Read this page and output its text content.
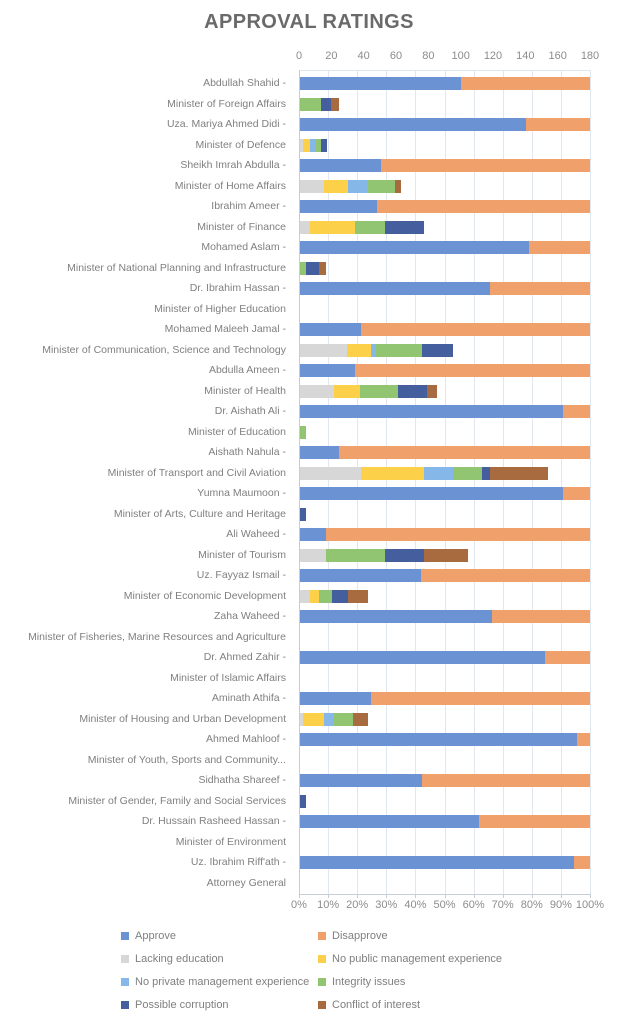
APPROVAL RATINGS
0	20	40	60	80	100	120	140	160	180
Abdullah Shahid -
Minister of Foreign Affairs
Uza. Mariya Ahmed Didi -
Minister of Defence
Sheikh Imrah Abdulla -
Minister of Home Affairs
Ibrahim Ameer -
Minister of Finance
Mohamed Aslam -
Minister of National Planning and Infrastructure
Dr. Ibrahim Hassan -
Minister of Higher Education
Mohamed Maleeh Jamal -
Minister of Communication, Science and Technology
Abdulla Ameen -
Minister of Health
Dr. Aishath Ali -
Minister of Education
Aishath Nahula -
Minister of Transport and Civil Aviation
Yumna Maumoon -
Minister of Arts, Culture and Heritage
Ali Waheed -
Minister of Tourism
Uz. Fayyaz Ismail -
Minister of Economic Development
Zaha Waheed -
Minister of Fisheries, Marine Resources and Agriculture
Dr. Ahmed Zahir -
Minister of Islamic Affairs
Aminath Athifa -
Minister of Housing and Urban Development
Ahmed Mahloof -
Minister of Youth, Sports and Community...
Sidhatha Shareef -
Minister of Gender, Family and Social Services
Dr. Hussain Rasheed Hassan -
Minister of Environment
Uz. Ibrahim Riff'ath -
Attorney General
0% 10% 20% 30% 40% 50% 60% 70% 80% 90% 100%
Approve	Disapprove
Lacking education	No public management experience
No private management experience Integrity issues
Possible corruption	Conflict of interest
